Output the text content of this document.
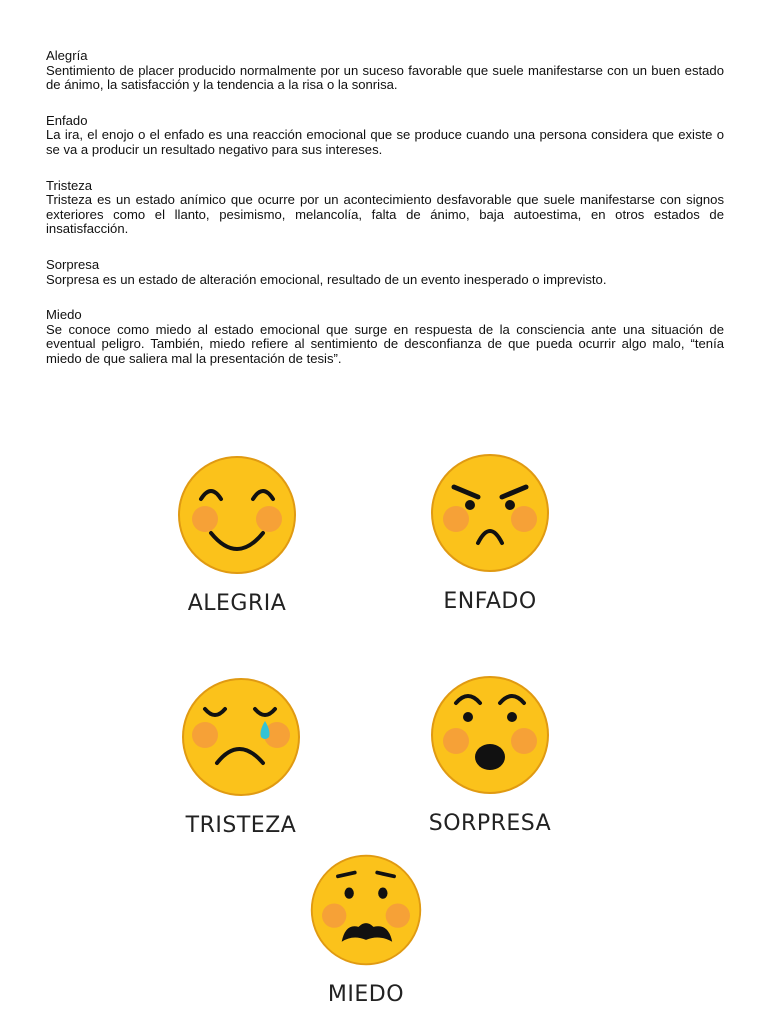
Alegría

Sentimiento de placer producido normalmente por un suceso favorable que suele manifestarse con un buen estado de ánimo, la satisfacción y la tendencia a la risa o la sonrisa.

Enfado

La ira, el enojo o el enfado es una reacción emocional que se produce cuando una persona considera que existe o se va a producir un resultado negativo para sus intereses.

Tristeza

Tristeza es un estado anímico que ocurre por un acontecimiento desfavorable que suele manifestarse con signos exteriores como el llanto, pesimismo, melancolía, falta de ánimo, baja autoestima, en otros estados de insatisfacción.

Sorpresa

Sorpresa es un estado de alteración emocional, resultado de un evento inesperado o imprevisto.

Miedo

Se conoce como miedo al estado emocional que surge en respuesta de la consciencia ante una situación de eventual peligro. También, miedo refiere al sentimiento de desconfianza de que pueda ocurrir algo malo, “tenía miedo de que saliera mal la presentación de tesis”.

ALEGRIA	ENFADO
TRISTEZA	SORPRESA
MIEDO
